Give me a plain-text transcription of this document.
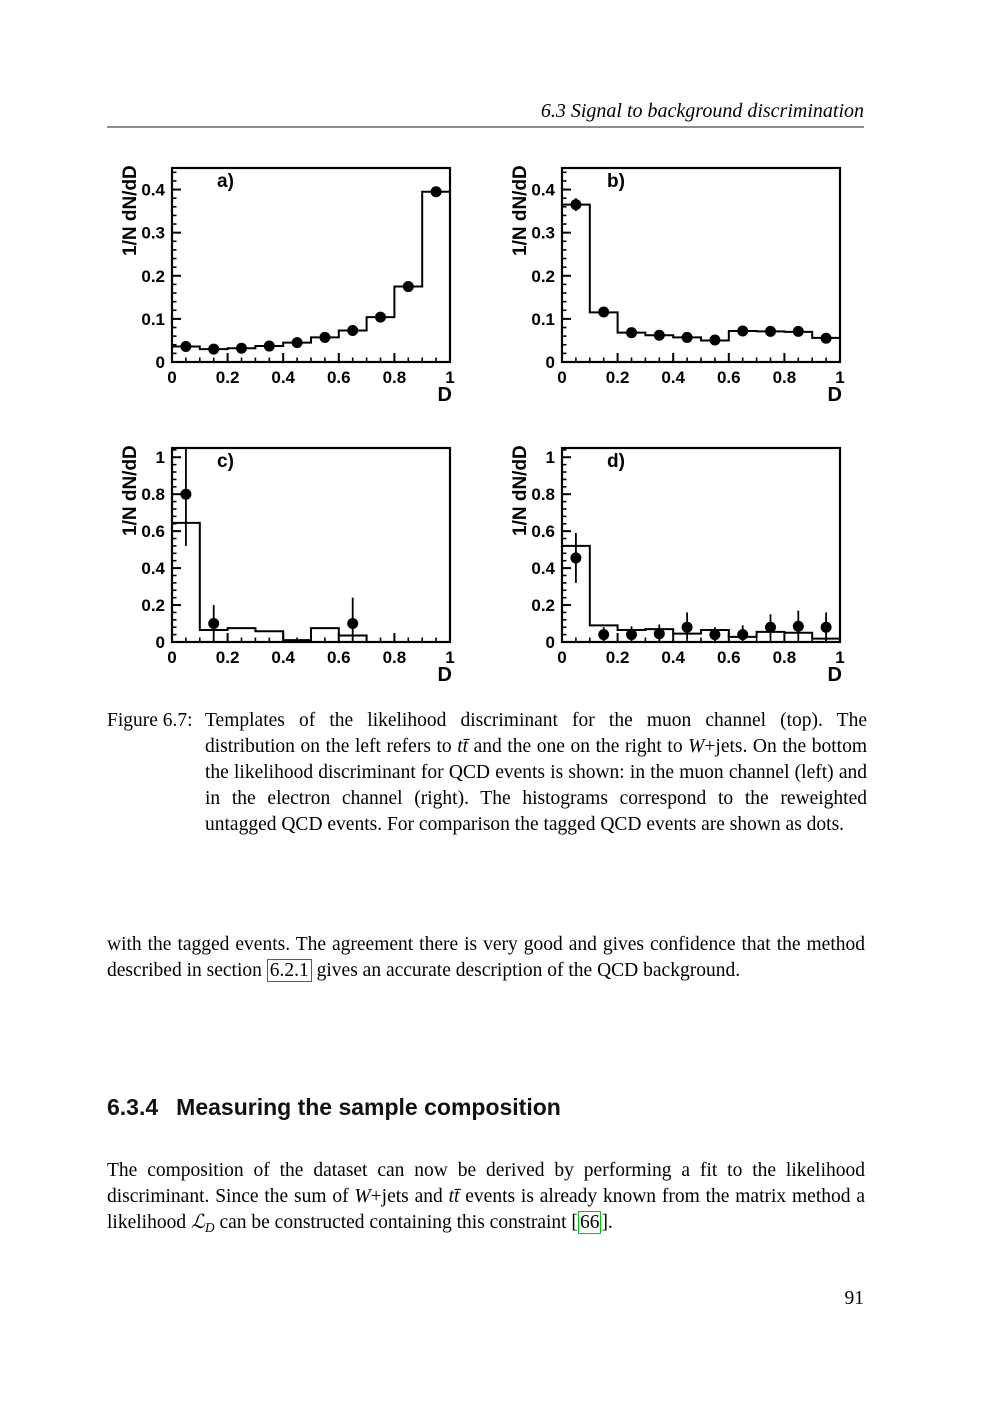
6.3 Signal to background discrimination
0 0.2 0.4 0.6 0.8 1
0
0.1
0.2
0.3
0.4	a)
D
1/N dN/dD
0 0.2 0.4 0.6 0.8 1
0
0.1
0.2
0.3
0.4	b)
D
1/N dN/dD
0 0.2 0.4 0.6 0.8 1
0
0.2
0.4
0.6
0.8
1	c)
D
1/N dN/dD
0 0.2 0.4 0.6 0.8 1
0
0.2
0.4
0.6
0.8
1	d)
D
1/N dN/dD
Figure 6.7: Templates of the likelihood discriminant for the muon channel (top). The distribution on the left refers to tt̄ and the one on the right to W+jets. On the bottom the likelihood discriminant for QCD events is shown: in the muon channel (left) and in the electron channel (right). The histograms correspond to the reweighted untagged QCD events. For comparison the tagged QCD events are shown as dots.

with the tagged events. The agreement there is very good and gives confidence that the method described in section 6.2.1 gives an accurate description of the QCD background.

6.3.4 Measuring the sample composition

The composition of the dataset can now be derived by performing a fit to the likelihood discriminant. Since the sum of W+jets and tt̄ events is already known from the matrix method a likelihood ℒ$_D$ can be constructed containing this constraint [ 66 ].

91
